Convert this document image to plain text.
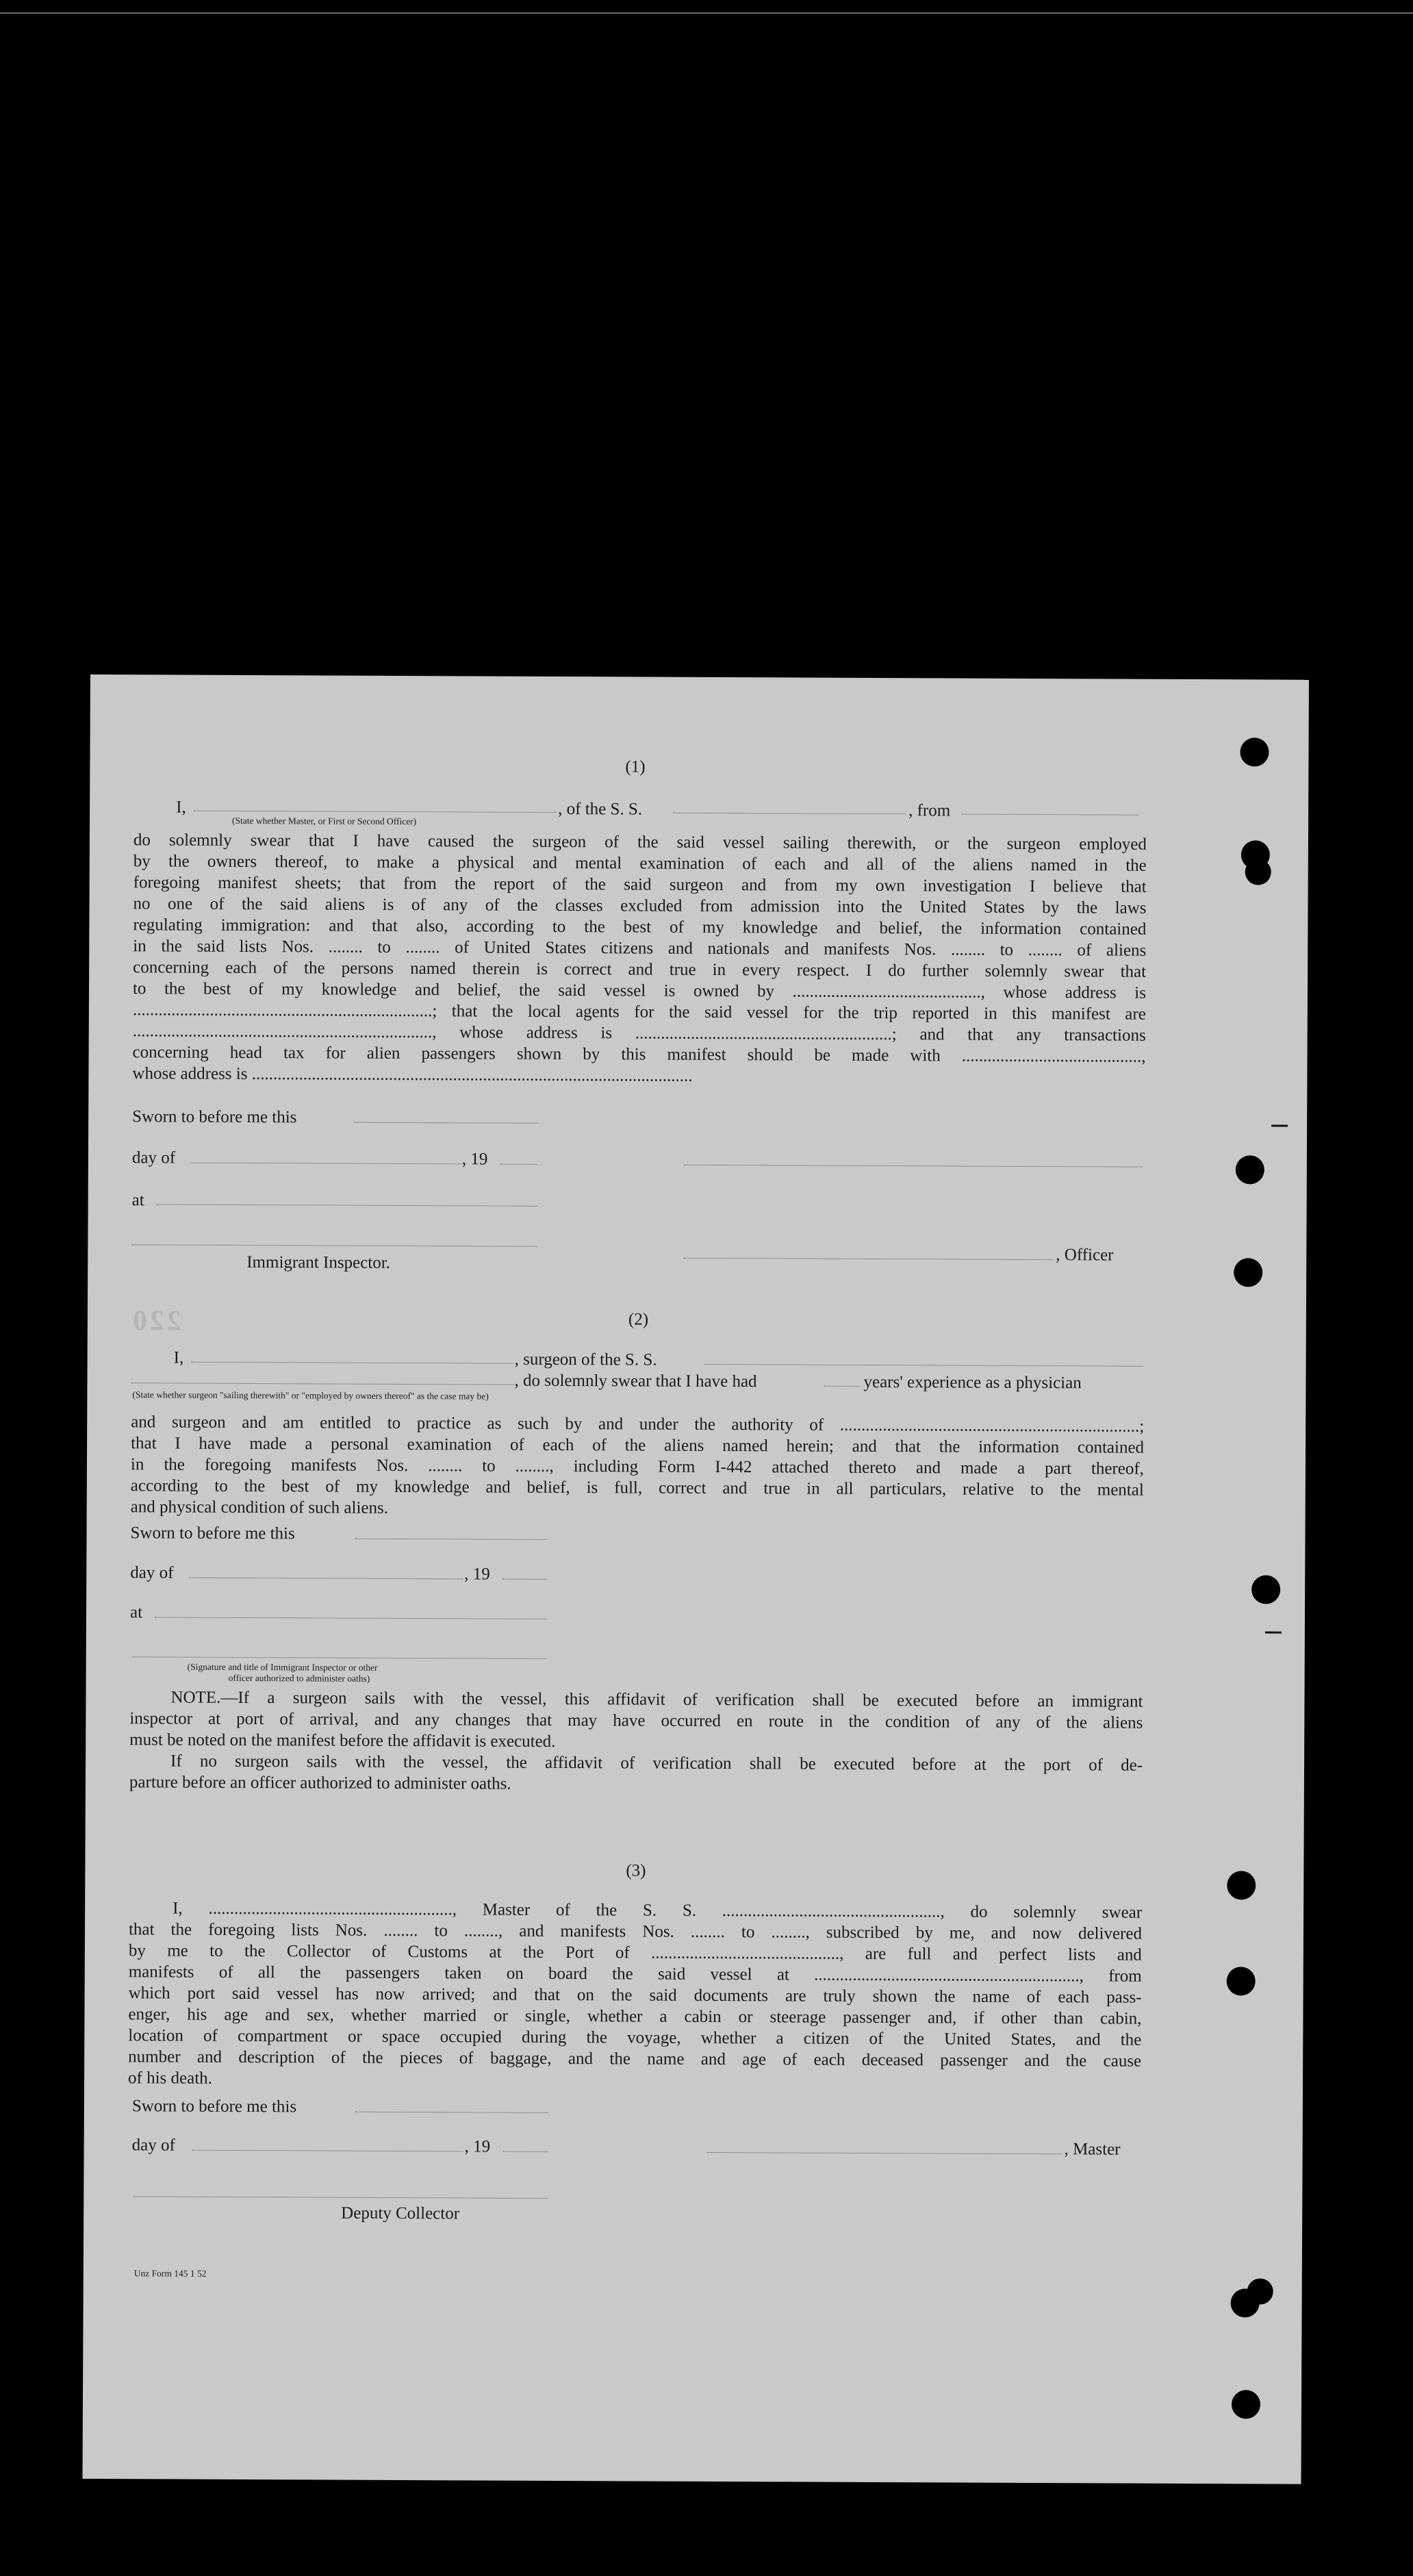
220
(1)
I,	, of the S. S.	, from
(State whether Master, or First or Second Officer)
do solemnly swear that I have caused the surgeon of the said vessel sailing therewith, or the surgeon employed
by the owners thereof, to make a physical and mental examination of each and all of the aliens named in the
foregoing manifest sheets; that from the report of the said surgeon and from my own investigation I believe that
no one of the said aliens is of any of the classes excluded from admission into the United States by the laws
regulating immigration: and that also, according to the best of my knowledge and belief, the information contained
in the said lists Nos. ........ to ........ of United States citizens and nationals and manifests Nos. ........ to ........ of aliens
concerning each of the persons named therein is correct and true in every respect. I do further solemnly swear that
to the best of my knowledge and belief, the said vessel is owned by ............................................, whose address is
......................................................................; that the local agents for the said vessel for the trip reported in this manifest are
......................................................................, whose address is ............................................................; and that any transactions
concerning head tax for alien passengers shown by this manifest should be made with ..........................................,
whose address is .......................................................................................................
Sworn to before me this
day of	, 19
at
, Officer
Immigrant Inspector.
(2)
I,	, surgeon of the S. S.
, do solemnly swear that I have had	years' experience as a physician
(State whether surgeon "sailing therewith" or "employed by owners thereof" as the case may be)
and surgeon and am entitled to practice as such by and under the authority of ......................................................................;
that I have made a personal examination of each of the aliens named herein; and that the information contained
in the foregoing manifests Nos. ........ to ........, including Form I-442 attached thereto and made a part thereof,
according to the best of my knowledge and belief, is full, correct and true in all particulars, relative to the mental
and physical condition of such aliens.
Sworn to before me this
day of	, 19
at
(Signature and title of Immigrant Inspector or other
officer authorized to administer oaths)
NOTE.—If a surgeon sails with the vessel, this affidavit of verification shall be executed before an immigrant
inspector at port of arrival, and any changes that may have occurred en route in the condition of any of the aliens
must be noted on the manifest before the affidavit is executed.
If no surgeon sails with the vessel, the affidavit of verification shall be executed before at the port of de-
parture before an officer authorized to administer oaths.
(3)
I, ........................................................., Master of the S. S. ..................................................., do solemnly swear
that the foregoing lists Nos. ........ to ........, and manifests Nos. ........ to ........, subscribed by me, and now delivered
by me to the Collector of Customs at the Port of ............................................, are full and perfect lists and
manifests of all the passengers taken on board the said vessel at .............................................................., from
which port said vessel has now arrived; and that on the said documents are truly shown the name of each pass-
enger, his age and sex, whether married or single, whether a cabin or steerage passenger and, if other than cabin,
location of compartment or space occupied during the voyage, whether a citizen of the United States, and the
number and description of the pieces of baggage, and the name and age of each deceased passenger and the cause
of his death.
Sworn to before me this
day of	, 19	, Master
Deputy Collector
Unz Form 145 1 52
